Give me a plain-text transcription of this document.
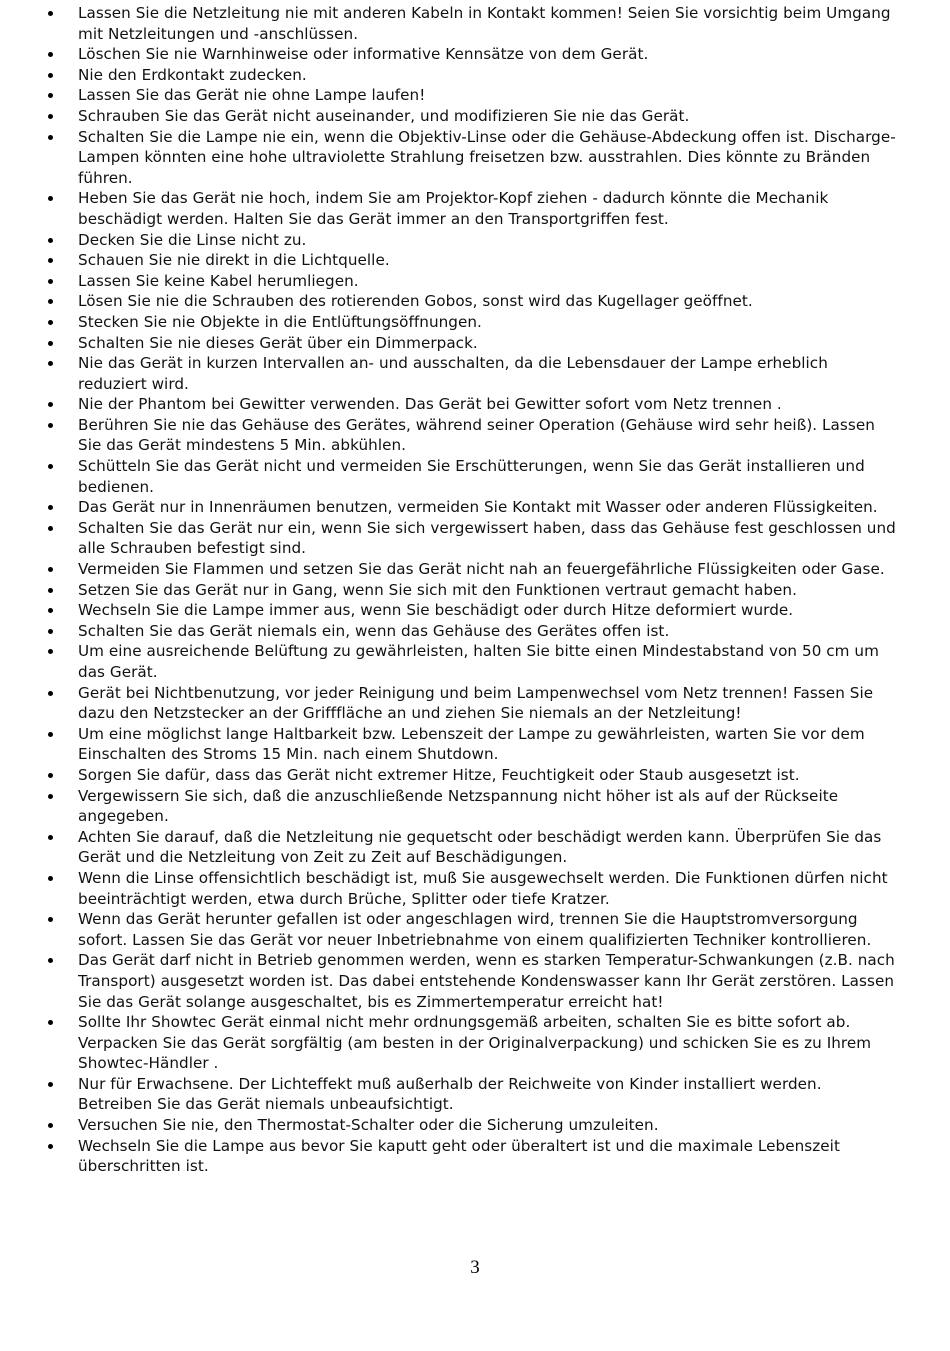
Lassen Sie die Netzleitung nie mit anderen Kabeln in Kontakt kommen! Seien Sie vorsichtig beim Umgang mit Netzleitungen und -anschlüssen.
Löschen Sie nie Warnhinweise oder informative Kennsätze von dem Gerät.
Nie den Erdkontakt zudecken.
Lassen Sie das Gerät nie ohne Lampe laufen!
Schrauben Sie das Gerät nicht auseinander, und modifizieren Sie nie das Gerät.
Schalten Sie die Lampe nie ein, wenn die Objektiv-Linse oder die Gehäuse-Abdeckung offen ist. Discharge-Lampen könnten eine hohe ultraviolette Strahlung freisetzen bzw. ausstrahlen. Dies könnte zu Bränden führen.
Heben Sie das Gerät nie hoch, indem Sie am Projektor-Kopf ziehen - dadurch könnte die Mechanik beschädigt werden. Halten Sie das Gerät immer an den Transportgriffen fest.
Decken Sie die Linse nicht zu.
Schauen Sie nie direkt in die Lichtquelle.
Lassen Sie keine Kabel herumliegen.
Lösen Sie nie die Schrauben des rotierenden Gobos, sonst wird das Kugellager geöffnet.
Stecken Sie nie Objekte in die Entlüftungsöffnungen.
Schalten Sie nie dieses Gerät über ein Dimmerpack.
Nie das Gerät in kurzen Intervallen an- und ausschalten, da die Lebensdauer der Lampe erheblich reduziert wird.
Nie der Phantom bei Gewitter verwenden. Das Gerät bei Gewitter sofort vom Netz trennen .
Berühren Sie nie das Gehäuse des Gerätes, während seiner Operation (Gehäuse wird sehr heiß). Lassen Sie das Gerät mindestens 5 Min. abkühlen.
Schütteln Sie das Gerät nicht und vermeiden Sie Erschütterungen, wenn Sie das Gerät installieren und bedienen.
Das Gerät nur in Innenräumen benutzen, vermeiden Sie Kontakt mit Wasser oder anderen Flüssigkeiten.
Schalten Sie das Gerät nur ein, wenn Sie sich vergewissert haben, dass das Gehäuse fest geschlossen und alle Schrauben befestigt sind.
Vermeiden Sie Flammen und setzen Sie das Gerät nicht nah an feuergefährliche Flüssigkeiten oder Gase.
Setzen Sie das Gerät nur in Gang, wenn Sie sich mit den Funktionen vertraut gemacht haben.
Wechseln Sie die Lampe immer aus, wenn Sie beschädigt oder durch Hitze deformiert wurde.
Schalten Sie das Gerät niemals ein, wenn das Gehäuse des Gerätes offen ist.
Um eine ausreichende Belüftung zu gewährleisten, halten Sie bitte einen Mindestabstand von 50 cm um das Gerät.
Gerät bei Nichtbenutzung, vor jeder Reinigung und beim Lampenwechsel vom Netz trennen! Fassen Sie dazu den Netzstecker an der Grifffläche an und ziehen Sie niemals an der Netzleitung!
Um eine möglichst lange Haltbarkeit bzw. Lebenszeit der Lampe zu gewährleisten, warten Sie vor dem Einschalten des Stroms 15 Min. nach einem Shutdown.
Sorgen Sie dafür, dass das Gerät nicht extremer Hitze, Feuchtigkeit oder Staub ausgesetzt ist.
Vergewissern Sie sich, daß die anzuschließende Netzspannung nicht höher ist als auf der Rückseite angegeben.
Achten Sie darauf, daß die Netzleitung nie gequetscht oder beschädigt werden kann. Überprüfen Sie das Gerät und die Netzleitung von Zeit zu Zeit auf Beschädigungen.
Wenn die Linse offensichtlich beschädigt ist, muß Sie ausgewechselt werden. Die Funktionen dürfen nicht beeinträchtigt werden, etwa durch Brüche, Splitter oder tiefe Kratzer.
Wenn das Gerät herunter gefallen ist oder angeschlagen wird, trennen Sie die Hauptstromversorgung sofort. Lassen Sie das Gerät vor neuer Inbetriebnahme von einem qualifizierten Techniker kontrollieren.
Das Gerät darf nicht in Betrieb genommen werden, wenn es starken Temperatur-Schwankungen (z.B. nach Transport) ausgesetzt worden ist. Das dabei entstehende Kondenswasser kann Ihr Gerät zerstören. Lassen Sie das Gerät solange ausgeschaltet, bis es Zimmertemperatur erreicht hat!
Sollte Ihr Showtec Gerät einmal nicht mehr ordnungsgemäß arbeiten, schalten Sie es bitte sofort ab. Verpacken Sie das Gerät sorgfältig (am besten in der Originalverpackung) und schicken Sie es zu Ihrem Showtec-Händler .
Nur für Erwachsene. Der Lichteffekt muß außerhalb der Reichweite von Kinder installiert werden. Betreiben Sie das Gerät niemals unbeaufsichtigt.
Versuchen Sie nie, den Thermostat-Schalter oder die Sicherung umzuleiten.
Wechseln Sie die Lampe aus bevor Sie kaputt geht oder überaltert ist und die maximale Lebenszeit überschritten ist.
3
